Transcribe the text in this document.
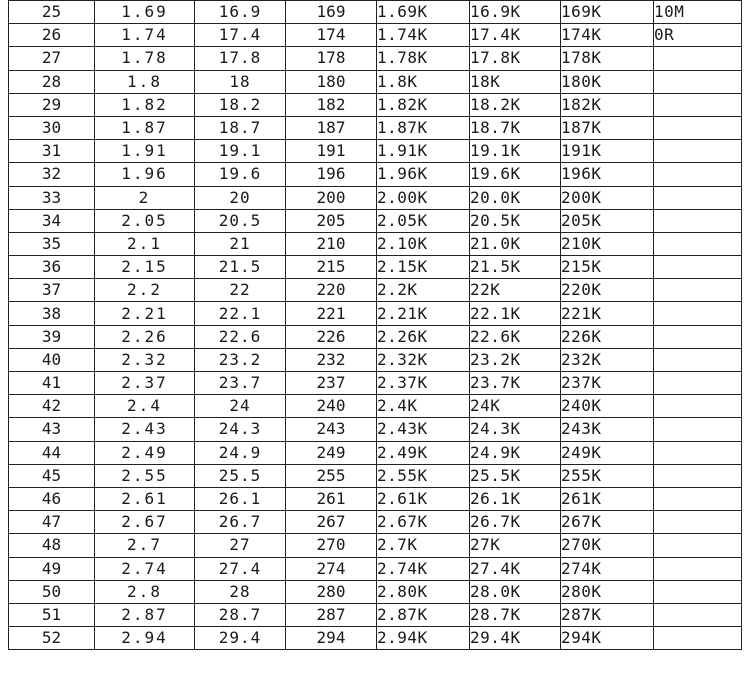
25	1.69	16.9	169	1.69K	16.9K	169K	10M
26	1.74	17.4	174	1.74K	17.4K	174K	0R
27	1.78	17.8	178	1.78K	17.8K	178K	
28	1.8	18	180	1.8K	18K	180K	
29	1.82	18.2	182	1.82K	18.2K	182K	
30	1.87	18.7	187	1.87K	18.7K	187K	
31	1.91	19.1	191	1.91K	19.1K	191K	
32	1.96	19.6	196	1.96K	19.6K	196K	
33	2	20	200	2.00K	20.0K	200K	
34	2.05	20.5	205	2.05K	20.5K	205K	
35	2.1	21	210	2.10K	21.0K	210K	
36	2.15	21.5	215	2.15K	21.5K	215K	
37	2.2	22	220	2.2K	22K	220K	
38	2.21	22.1	221	2.21K	22.1K	221K	
39	2.26	22.6	226	2.26K	22.6K	226K	
40	2.32	23.2	232	2.32K	23.2K	232K	
41	2.37	23.7	237	2.37K	23.7K	237K	
42	2.4	24	240	2.4K	24K	240K	
43	2.43	24.3	243	2.43K	24.3K	243K	
44	2.49	24.9	249	2.49K	24.9K	249K	
45	2.55	25.5	255	2.55K	25.5K	255K	
46	2.61	26.1	261	2.61K	26.1K	261K	
47	2.67	26.7	267	2.67K	26.7K	267K	
48	2.7	27	270	2.7K	27K	270K	
49	2.74	27.4	274	2.74K	27.4K	274K	
50	2.8	28	280	2.80K	28.0K	280K	
51	2.87	28.7	287	2.87K	28.7K	287K	
52	2.94	29.4	294	2.94K	29.4K	294K	
